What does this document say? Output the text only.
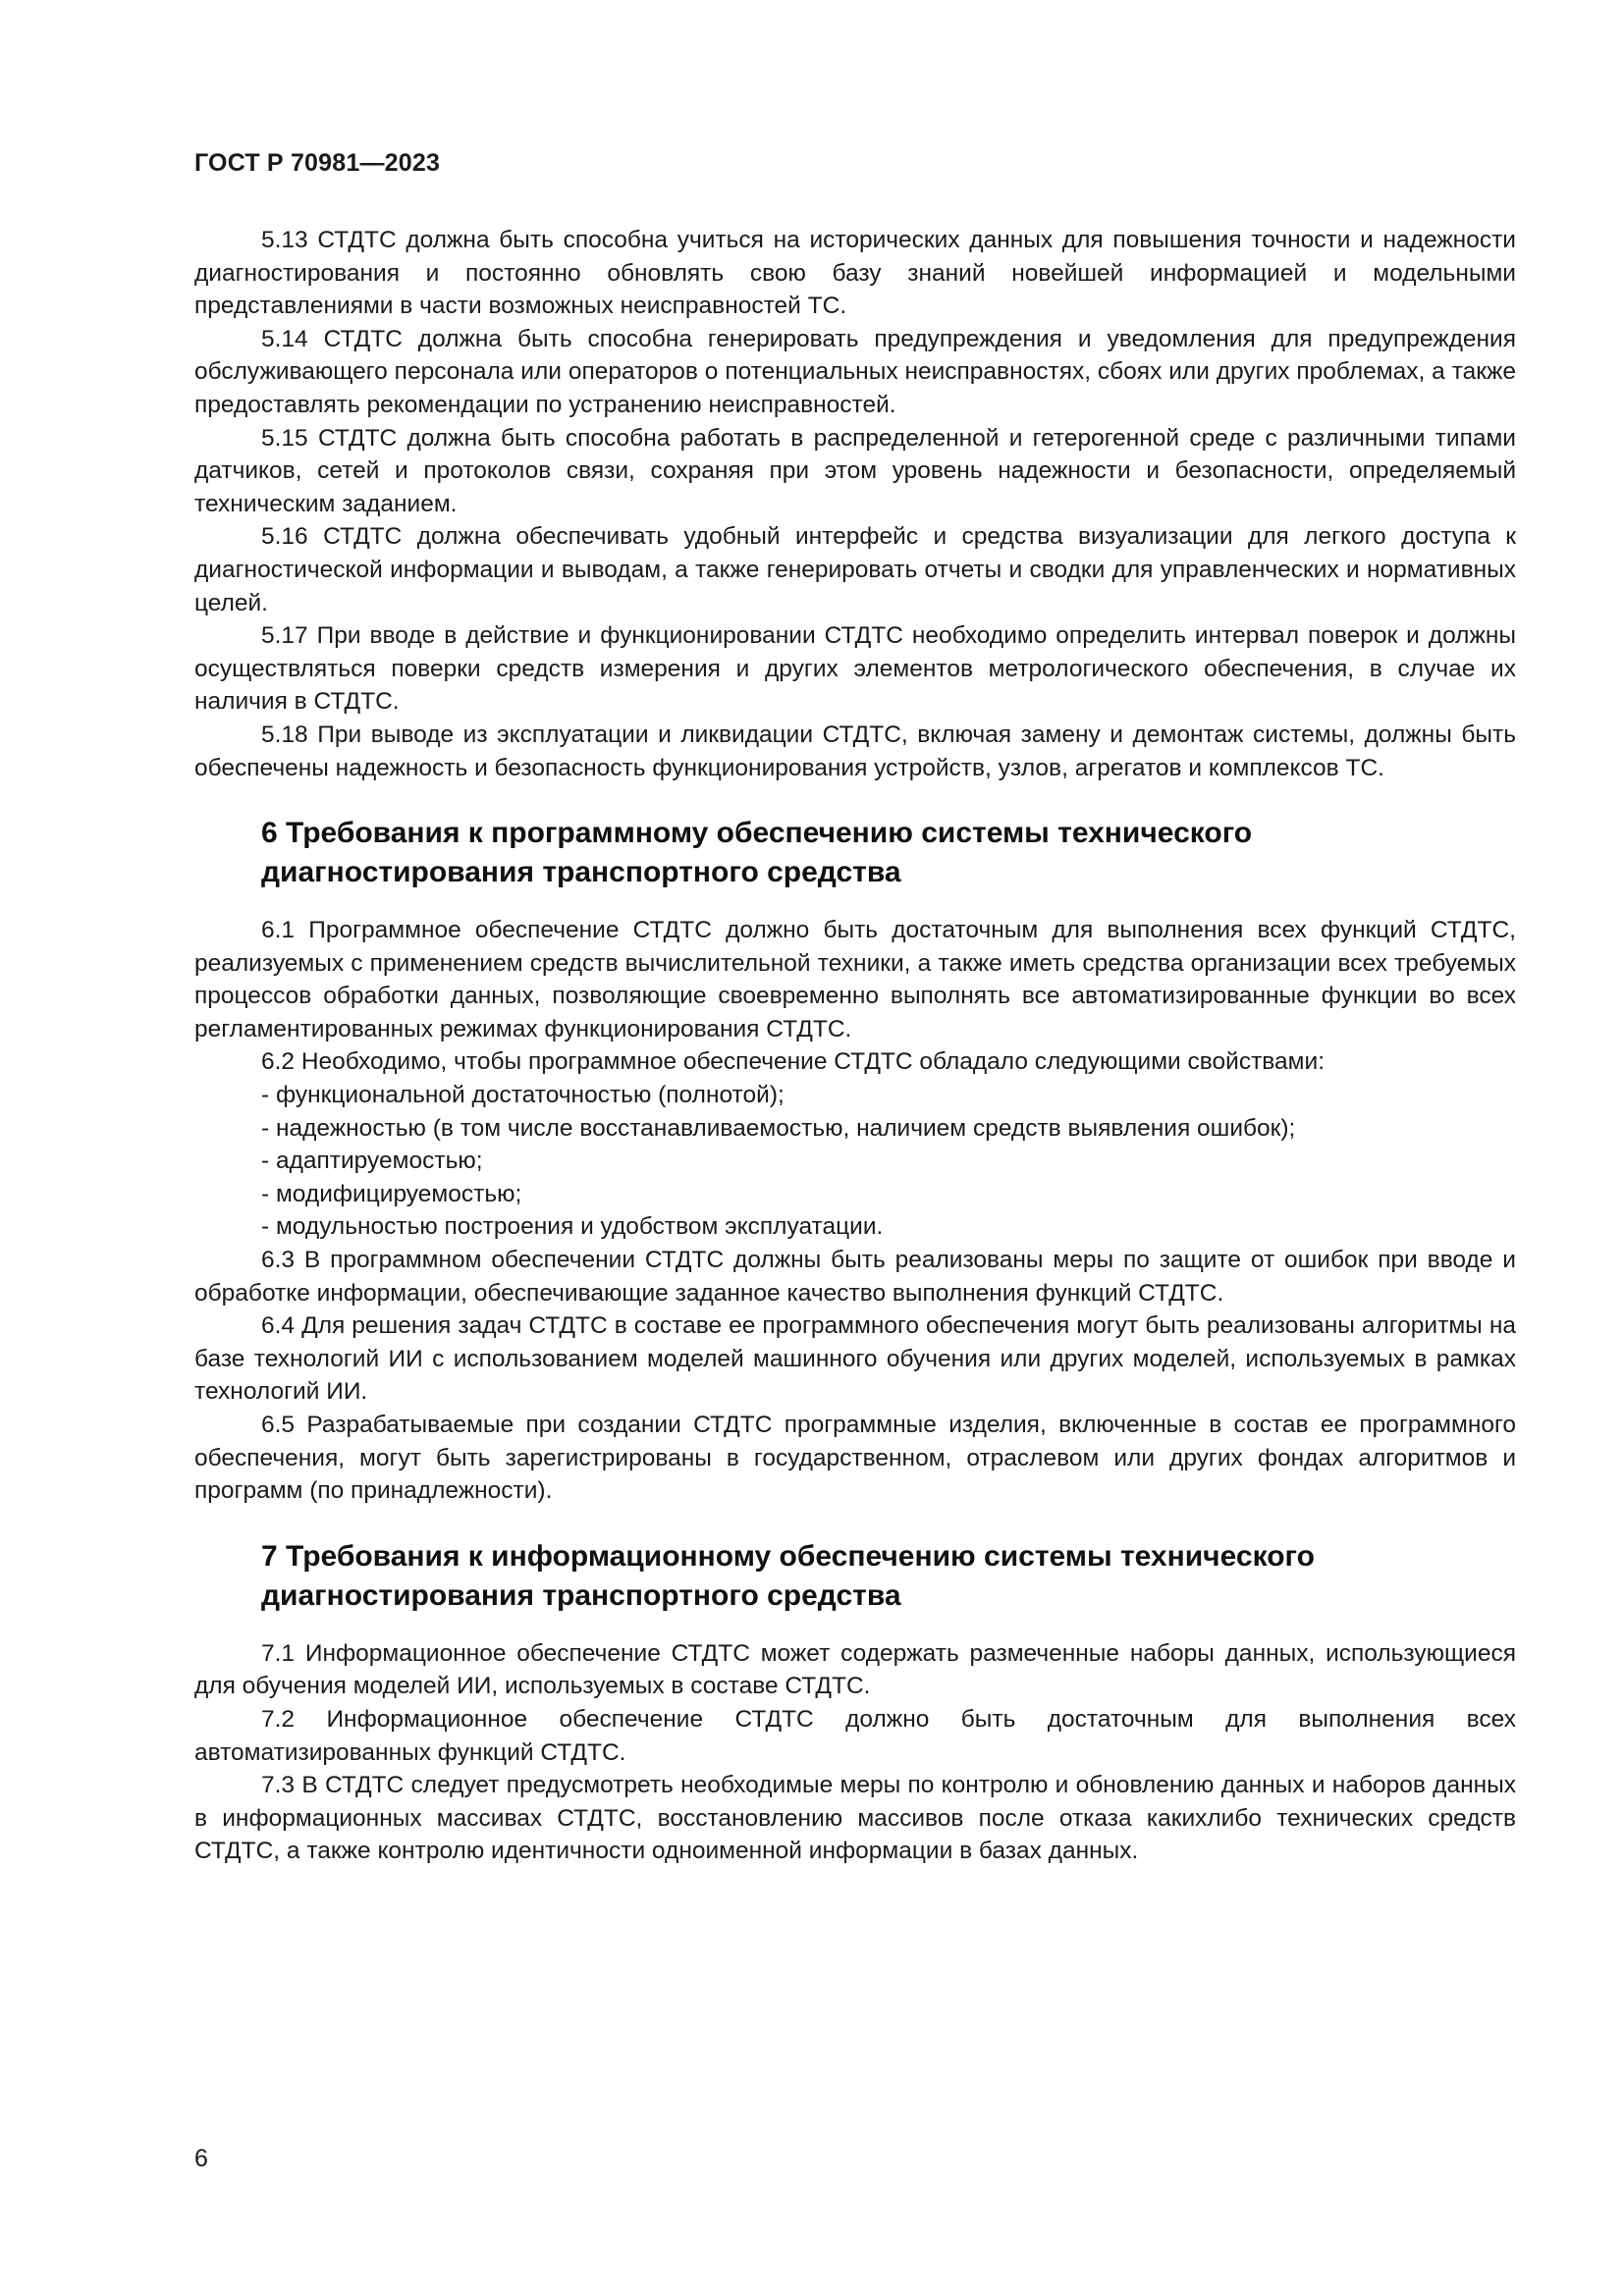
ГОСТ Р 70981—2023

5.13 СТДТС должна быть способна учиться на исторических данных для повышения точности и надежности диагностирования и постоянно обновлять свою базу знаний новейшей информацией и модельными представлениями в части возможных неисправностей ТС.

5.14 СТДТС должна быть способна генерировать предупреждения и уведомления для предупреждения обслуживающего персонала или операторов о потенциальных неисправностях, сбоях или других проблемах, а также предоставлять рекомендации по устранению неисправностей.

5.15 СТДТС должна быть способна работать в распределенной и гетерогенной среде с различными типами датчиков, сетей и протоколов связи, сохраняя при этом уровень надежности и безопасности, определяемый техническим заданием.

5.16 СТДТС должна обеспечивать удобный интерфейс и средства визуализации для легкого доступа к диагностической информации и выводам, а также генерировать отчеты и сводки для управленческих и нормативных целей.

5.17 При вводе в действие и функционировании СТДТС необходимо определить интервал поверок и должны осуществляться поверки средств измерения и других элементов метрологического обеспечения, в случае их наличия в СТДТС.

5.18 При выводе из эксплуатации и ликвидации СТДТС, включая замену и демонтаж системы, должны быть обеспечены надежность и безопасность функционирования устройств, узлов, агрегатов и комплексов ТС.

6 Требования к программному обеспечению системы технического диагностирования транспортного средства

6.1 Программное обеспечение СТДТС должно быть достаточным для выполнения всех функций СТДТС, реализуемых с применением средств вычислительной техники, а также иметь средства организации всех требуемых процессов обработки данных, позволяющие своевременно выполнять все автоматизированные функции во всех регламентированных режимах функционирования СТДТС.

6.2 Необходимо, чтобы программное обеспечение СТДТС обладало следующими свойствами:

- функциональной достаточностью (полнотой);

- надежностью (в том числе восстанавливаемостью, наличием средств выявления ошибок);

- адаптируемостью;

- модифицируемостью;

- модульностью построения и удобством эксплуатации.

6.3 В программном обеспечении СТДТС должны быть реализованы меры по защите от ошибок при вводе и обработке информации, обеспечивающие заданное качество выполнения функций СТДТС.

6.4 Для решения задач СТДТС в составе ее программного обеспечения могут быть реализованы алгоритмы на базе технологий ИИ с использованием моделей машинного обучения или других моделей, используемых в рамках технологий ИИ.

6.5 Разрабатываемые при создании СТДТС программные изделия, включенные в состав ее программного обеспечения, могут быть зарегистрированы в государственном, отраслевом или других фондах алгоритмов и программ (по принадлежности).

7 Требования к информационному обеспечению системы технического диагностирования транспортного средства

7.1 Информационное обеспечение СТДТС может содержать размеченные наборы данных, использующиеся для обучения моделей ИИ, используемых в составе СТДТС.

7.2 Информационное обеспечение СТДТС должно быть достаточным для выполнения всех автоматизированных функций СТДТС.

7.3 В СТДТС следует предусмотреть необходимые меры по контролю и обновлению данных и наборов данных в информационных массивах СТДТС, восстановлению массивов после отказа какихлибо технических средств СТДТС, а также контролю идентичности одноименной информации в базах данных.

6
